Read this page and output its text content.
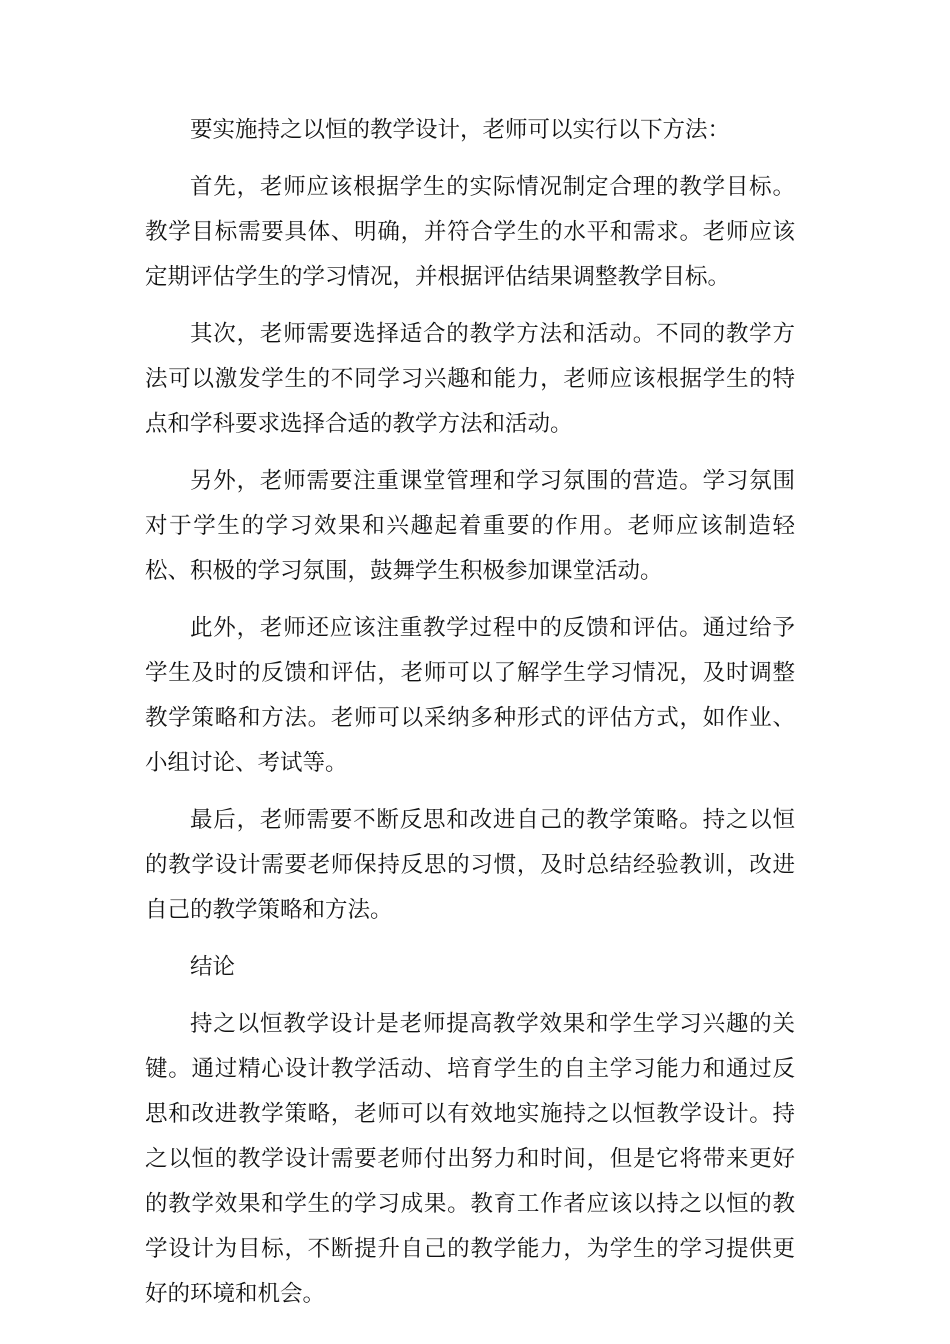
要实施持之以恒的教学设计，老师可以实行以下方法：

首先，老师应该根据学生的实际情况制定合理的教学目标。教学目标需要具体、明确，并符合学生的水平和需求。老师应该定期评估学生的学习情况，并根据评估结果调整教学目标。

其次，老师需要选择适合的教学方法和活动。不同的教学方法可以激发学生的不同学习兴趣和能力，老师应该根据学生的特点和学科要求选择合适的教学方法和活动。

另外，老师需要注重课堂管理和学习氛围的营造。学习氛围对于学生的学习效果和兴趣起着重要的作用。老师应该制造轻松、积极的学习氛围，鼓舞学生积极参加课堂活动。

此外，老师还应该注重教学过程中的反馈和评估。通过给予学生及时的反馈和评估，老师可以了解学生学习情况，及时调整教学策略和方法。老师可以采纳多种形式的评估方式，如作业、小组讨论、考试等。

最后，老师需要不断反思和改进自己的教学策略。持之以恒的教学设计需要老师保持反思的习惯，及时总结经验教训，改进自己的教学策略和方法。

结论

持之以恒教学设计是老师提高教学效果和学生学习兴趣的关键。通过精心设计教学活动、培育学生的自主学习能力和通过反思和改进教学策略，老师可以有效地实施持之以恒教学设计。持之以恒的教学设计需要老师付出努力和时间，但是它将带来更好的教学效果和学生的学习成果。教育工作者应该以持之以恒的教学设计为目标，不断提升自己的教学能力，为学生的学习提供更好的环境和机会。
